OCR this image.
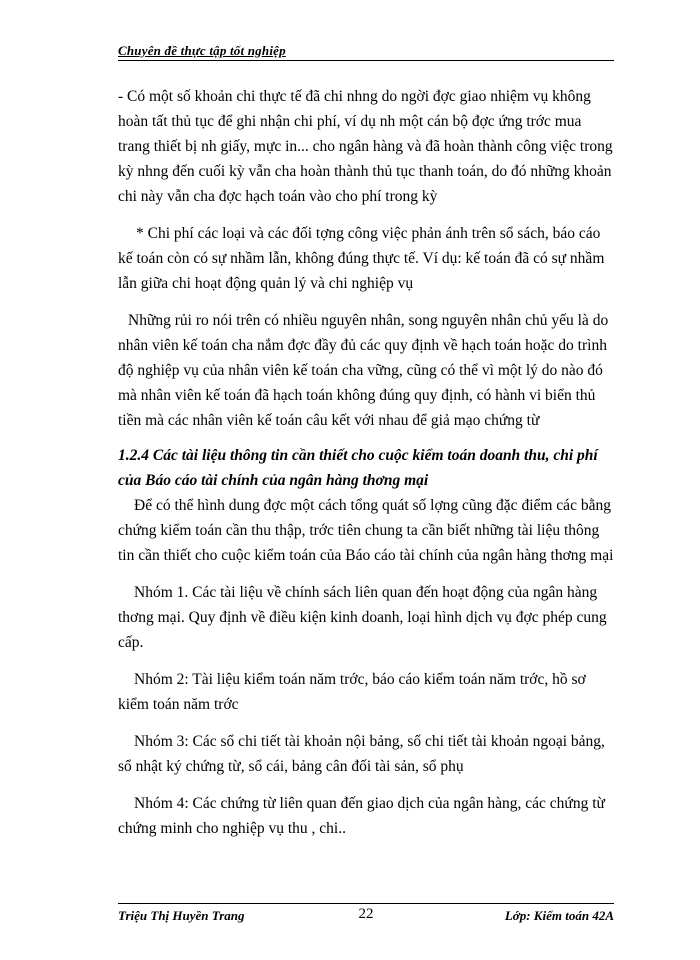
Chuyên đề thực tập tốt nghiệp

- Có một số khoản chi thực tế đã chi nhng do ngời đợc giao nhiệm vụ không hoàn tất thủ tục để ghi nhận chi phí, ví dụ nh một cán bộ đợc ứng trớc mua trang thiết bị nh giấy, mực in... cho ngân hàng và đã hoàn thành công việc trong kỳ nhng đến cuối kỳ vẫn cha hoàn thành thủ tục thanh toán, do đó những khoản chi này vẫn cha đợc hạch toán vào cho phí trong kỳ

* Chi phí các loại và các đối tợng công việc phản ánh trên sổ sách, báo cáo kế toán còn có sự nhầm lẫn, không đúng thực tế. Ví dụ: kế toán đã có sự nhầm lẫn giữa chi hoạt động quản lý và chi nghiệp vụ

Những rủi ro nói trên có nhiều nguyên nhân, song nguyên nhân chủ yếu là do nhân viên kế toán cha nắm đợc đầy đủ các quy định về hạch toán hoặc do trình độ nghiệp vụ của nhân viên kế toán cha vững, cũng có thể vì một lý do nào đó mà nhân viên kế toán đã hạch toán không đúng quy định, có hành vi biển thủ tiền mà các nhân viên kế toán câu kết với nhau để giả mạo chứng từ

1.2.4 Các tài liệu thông tin cần thiết cho cuộc kiểm toán doanh thu, chi phí của Báo cáo tài chính của ngân hàng thơng mại

Để có thể hình dung đợc một cách tổng quát số lợng cũng đặc điểm các bằng chứng kiểm toán cần thu thập, trớc tiên chung ta cần biết những tài liệu thông tin cần thiết cho cuộc kiểm toán của Báo cáo tài chính của ngân hàng thơng mại

Nhóm 1. Các tài liệu về chính sách liên quan đến hoạt động của ngân hàng thơng mại. Quy định về điều kiện kinh doanh, loại hình dịch vụ đợc phép cung cấp.

Nhóm 2: Tài liệu kiểm toán năm trớc, báo cáo kiểm toán năm trớc, hồ sơ kiểm toán năm trớc

Nhóm 3: Các sổ chi tiết tài khoản nội bảng, sổ chi tiết tài khoản ngoại bảng, sổ nhật ký chứng từ, sổ cái, bảng cân đối tài sản, sổ phụ

Nhóm 4: Các chứng từ liên quan đến giao dịch của ngân hàng, các chứng từ chứng minh cho nghiệp vụ thu , chi..

Triệu Thị Huyền Trang	22	Lớp: Kiểm toán 42A
